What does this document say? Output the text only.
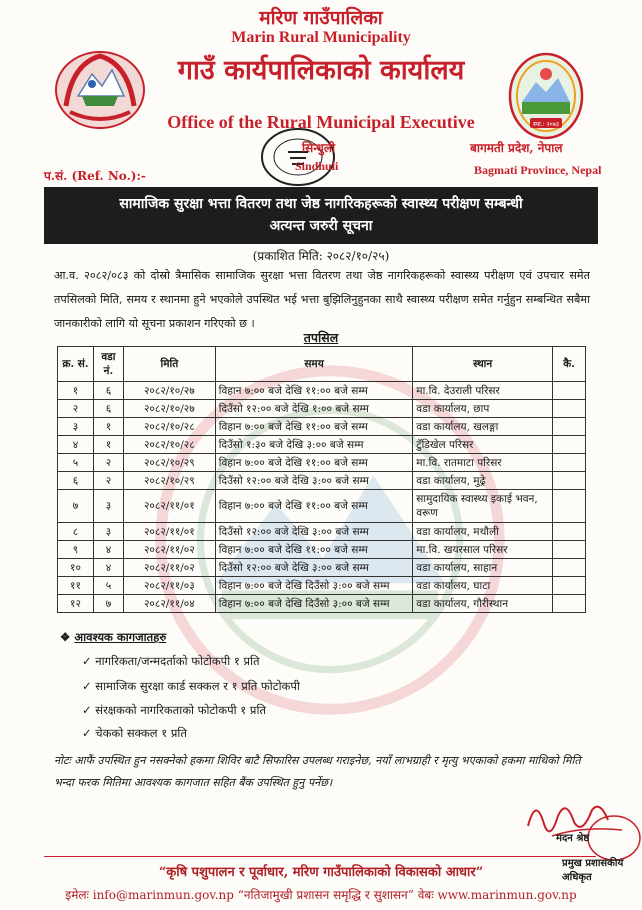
मरिण गाउँपालिका
Marin Rural Municipality
गाउँ कार्यपालिकाको कार्यालय
Office of the Rural Municipal Executive	स्था.: २०७३
प.सं. (Ref. No.):-
सिन्धुली
Sindhuli
बागमती प्रदेश, नेपाल
Bagmati Province, Nepal
सामाजिक सुरक्षा भत्ता वितरण तथा जेष्ठ नागरिकहरूको स्वास्थ्य परीक्षण सम्बन्धी
अत्यन्त जरुरी सूचना
(प्रकाशित मिति: २०८२/१०/२५)
आ.व. २०८२/०८३ को दोस्रो त्रैमासिक सामाजिक सुरक्षा भत्ता वितरण तथा जेष्ठ नागरिकहरूको स्वास्थ्य परीक्षण एवं उपचार समेत तपसिलको मिति, समय र स्थानमा हुने भएकोले उपस्थित भई भत्ता बुझिलिनुहुनका साथै स्वास्थ्य परीक्षण समेत गर्नुहुन सम्बन्धित सबैमा जानकारीको लागि यो सूचना प्रकाशन गरिएको छ ।
तपसिल
क्र. सं.	वडा नं.	मिति	समय	स्थान	कै.
१	६	२०८२/१०/२७	विहान ७:०० बजे देखि ११:०० बजे सम्म	मा.वि. देउराली परिसर	
२	६	२०८२/१०/२७	दिउँसो १२:०० बजे देखि १:०० बजे सम्म	वडा कार्यालय, छाप	
३	१	२०८२/१०/२८	विहान ७:०० बजे देखि ११:०० बजे सम्म	वडा कार्यालय, खलङ्गा	
४	१	२०८२/१०/२८	दिउँसो १:३० बजे देखि ३:०० बजे सम्म	टुँडिखेल परिसर	
५	२	२०८२/१०/२९	विहान ७:०० बजे देखि ११:०० बजे सम्म	मा.वि. रातमाटा परिसर	
६	२	२०८२/१०/२९	दिउँसो १२:०० बजे देखि ३:०० बजे सम्म	वडा कार्यालय, मुढ्रे	
७	३	२०८२/११/०१	विहान ७:०० बजे देखि ११:०० बजे सम्म	सामुदायिक स्वास्थ्य इकाई भवन, वरूण	
८	३	२०८२/११/०१	दिउँसो १२:०० बजे देखि ३:०० बजे सम्म	वडा कार्यालय, मथौली	
९	४	२०८२/११/०२	विहान ७:०० बजे देखि ११:०० बजे सम्म	मा.वि. खयरसाल परिसर	
१०	४	२०८२/११/०२	दिउँसो १२:०० बजे देखि ३:०० बजे सम्म	वडा कार्यालय, साहान	
११	५	२०८२/११/०३	विहान ७:०० बजे देखि दिउँसो ३:०० बजे सम्म	वडा कार्यालय, घाटा	
१२	७	२०८२/११/०४	विहान ७:०० बजे देखि दिउँसो ३:०० बजे सम्म	वडा कार्यालय, गौरीस्थान	
❖ आवश्यक कागजातहरु
✓ नागरिकता/जन्मदर्ताको फोटोकपी १ प्रति
✓ सामाजिक सुरक्षा कार्ड सक्कल र १ प्रति फोटोकपी
✓ संरक्षकको नागरिकताको फोटोकपी १ प्रति
✓ चेकको सक्कल १ प्रति
नोटः आफैं उपस्थित हुन नसक्नेको हकमा शिविर बाटै सिफारिस उपलब्ध गराइनेछ, नयाँ लाभग्राही र मृत्यु भएकाको हकमा माथिको मिति भन्दा फरक मितिमा आवश्यक कागजात सहित बैंक उपस्थित हुनु पर्नेछ।
मदन श्रेष्ठ
प्रमुख प्रशासकीय अधिकृत
“कृषि पशुपालन र पूर्वाधार, मरिण गाउँपालिकाको विकासको आधार”
इमेलः info@marinmun.gov.np “नतिजामुखी प्रशासन समृद्धि र सुशासन” वेबः www.marinmun.gov.np
